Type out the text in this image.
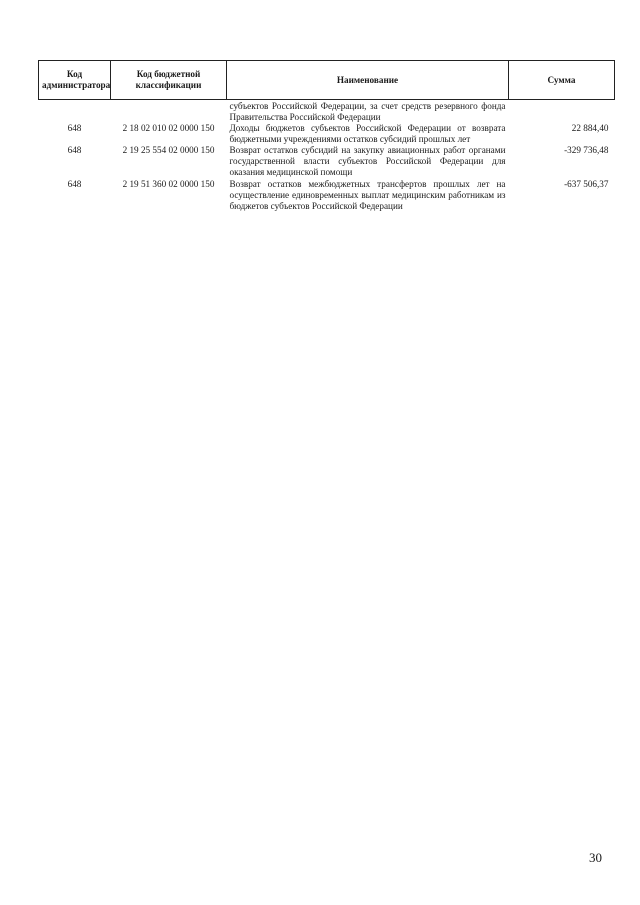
Код администратора	Код бюджетной классификации	Наименование	Сумма
		субъектов Российской Федерации, за счет средств резервного фонда Правительства Российской Федерации	
648	2 18 02 010 02 0000 150	Доходы бюджетов субъектов Российской Федерации от возврата бюджетными учреждениями остатков субсидий прошлых лет	22 884,40
648	2 19 25 554 02 0000 150	Возврат остатков субсидий на закупку авиационных работ органами государственной власти субъектов Российской Федерации для оказания медицинской помощи	-329 736,48
648	2 19 51 360 02 0000 150	Возврат остатков межбюджетных трансфертов прошлых лет на осуществление единовременных выплат медицинским работникам из бюджетов субъектов Российской Федерации	-637 506,37
30
